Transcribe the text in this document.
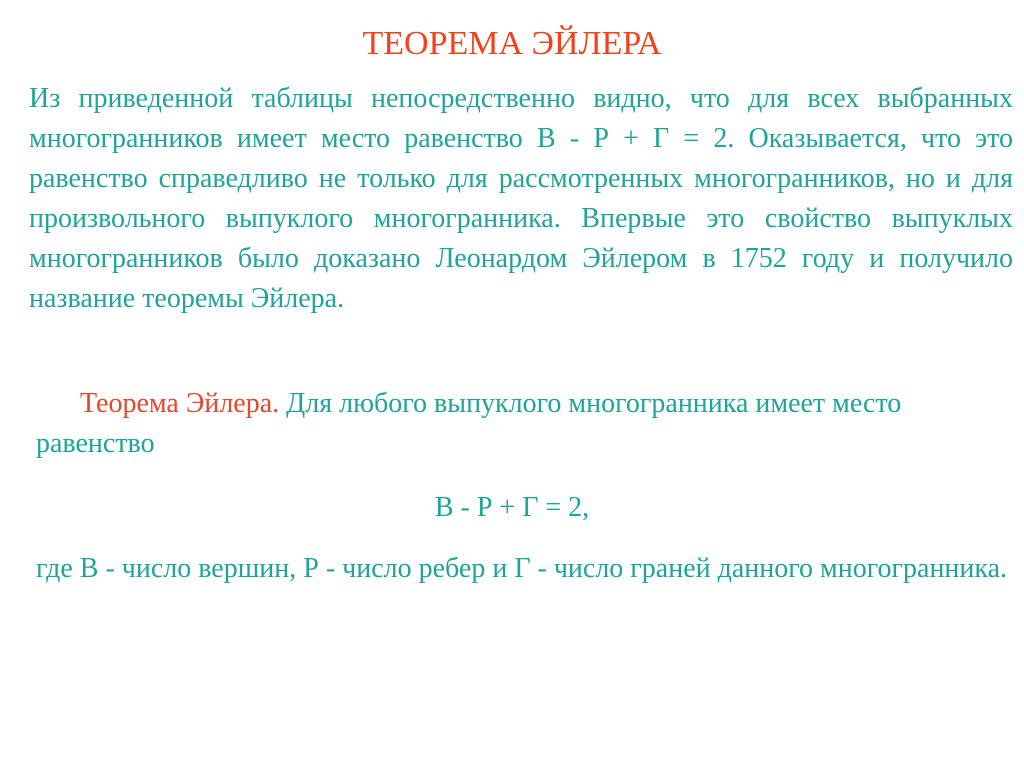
ТЕОРЕМА ЭЙЛЕРА

Из приведенной таблицы непосредственно видно, что для всех выбранных многогранников имеет место равенство В - Р + Г = 2. Оказывается, что это равенство справедливо не только для рассмотренных многогранников, но и для произвольного выпуклого многогранника. Впервые это свойство выпуклых многогранников было доказано Леонардом Эйлером в 1752 году и получило название теоремы Эйлера.

Теорема Эйлера. Для любого выпуклого многогранника имеет место равенство

В - Р + Г = 2,

где В - число вершин, Р - число ребер и Г - число граней данного многогранника.
